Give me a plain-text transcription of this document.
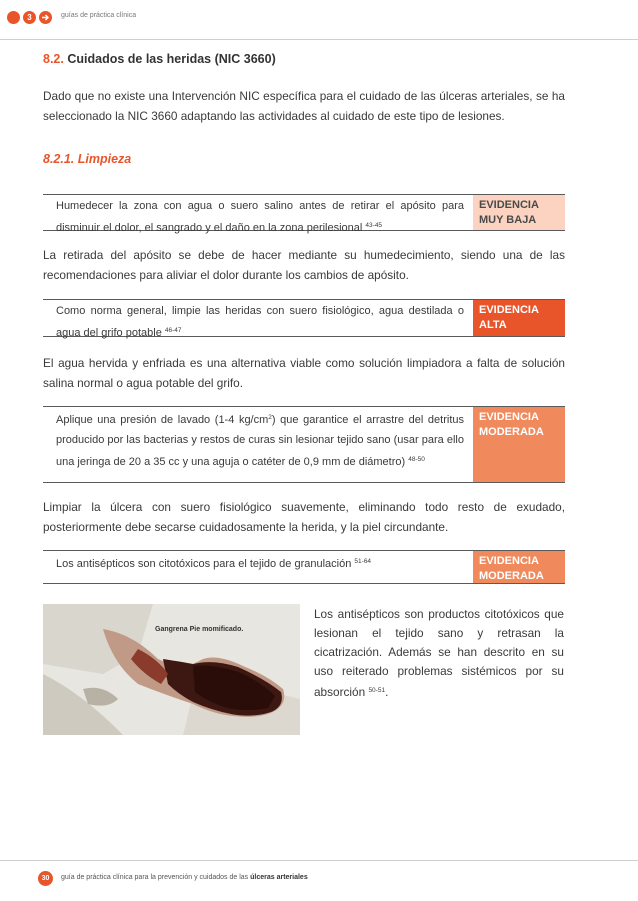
3	guías de práctica clínica
8.2. Cuidados de las heridas (NIC 3660)
Dado que no existe una Intervención NIC específica para el cuidado de las úlceras arteriales, se ha seleccionado la NIC 3660 adaptando las actividades al cuidado de este tipo de lesiones.
8.2.1. Limpieza
Humedecer la zona con agua o suero salino antes de retirar el apósito para disminuir el dolor, el sangrado y el daño en la zona perilesional $^{43-45}$
EVIDENCIA MUY BAJA
La retirada del apósito se debe de hacer mediante su humedecimiento, siendo una de las recomendaciones para aliviar el dolor durante los cambios de apósito.
Como norma general, limpie las heridas con suero fisiológico, agua destilada o agua del grifo potable $^{46-47}$
EVIDENCIA ALTA
El agua hervida y enfriada es una alternativa viable como solución limpiadora a falta de solución salina normal o agua potable del grifo.
Aplique una presión de lavado (1-4 $kg/cm^2$) que garantice el arrastre del detritus producido por las bacterias y restos de curas sin lesionar tejido sano (usar para ello una jeringa de 20 a 35 cc y una aguja o catéter de 0,9 mm de diámetro) $^{48-50}$
EVIDENCIA MODERADA
Limpiar la úlcera con suero fisiológico suavemente, eliminando todo resto de exudado, posteriormente debe secarse cuidadosamente la herida, y la piel circundante.
Los antisépticos son citotóxicos para el tejido de granulación $^{51-64}$	EVIDENCIA MODERADA
Gangrena Pie momificado.
Los antisépticos son productos citotóxicos que lesionan el tejido sano y retrasan la cicatrización. Además se han descrito en su uso reiterado problemas sistémicos por su absorción $^{50-51}$.
30	guía de práctica clínica para la prevención y cuidados de las úlceras arteriales
